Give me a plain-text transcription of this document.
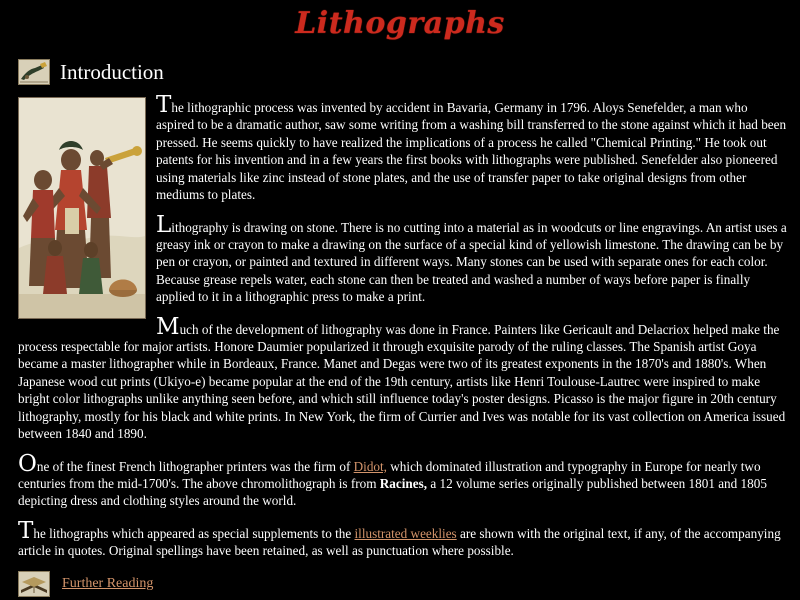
Lithographs
Introduction

The lithographic process was invented by accident in Bavaria, Germany in 1796. Aloys Senefelder, a man who aspired to be a dramatic author, saw some writing from a washing bill transferred to the stone against which it had been pressed. He seems quickly to have realized the implications of a process he called "Chemical Printing." He took out patents for his invention and in a few years the first books with lithographs were published. Senefelder also pioneered using materials like zinc instead of stone plates, and the use of transfer paper to take original designs from other mediums to plates.

Lithography is drawing on stone. There is no cutting into a material as in woodcuts or line engravings. An artist uses a greasy ink or crayon to make a drawing on the surface of a special kind of yellowish limestone. The drawing can be by pen or crayon, or painted and textured in different ways. Many stones can be used with separate ones for each color. Because grease repels water, each stone can then be treated and washed a number of ways before paper is finally applied to it in a lithographic press to make a print.

Much of the development of lithography was done in France. Painters like Gericault and Delacriox helped make the process respectable for major artists. Honore Daumier popularized it through exquisite parody of the ruling classes. The Spanish artist Goya became a master lithographer while in Bordeaux, France. Manet and Degas were two of its greatest exponents in the 1870's and 1880's. When Japanese wood cut prints (Ukiyo-e) became popular at the end of the 19th century, artists like Henri Toulouse-Lautrec were inspired to make bright color lithographs unlike anything seen before, and which still influence today's poster designs. Picasso is the major figure in 20th century lithography, mostly for his black and white prints. In New York, the firm of Currier and Ives was notable for its vast collection on America issued between 1840 and 1890.

One of the finest French lithographer printers was the firm of Didot, which dominated illustration and typography in Europe for nearly two centuries from the mid-1700's. The above chromolithograph is from Racines, a 12 volume series originally published between 1801 and 1805 depicting dress and clothing styles around the world.

The lithographs which appeared as special supplements to the illustrated weeklies are shown with the original text, if any, of the accompanying article in quotes. Original spellings have been retained, as well as punctuation where possible.

Further Reading
